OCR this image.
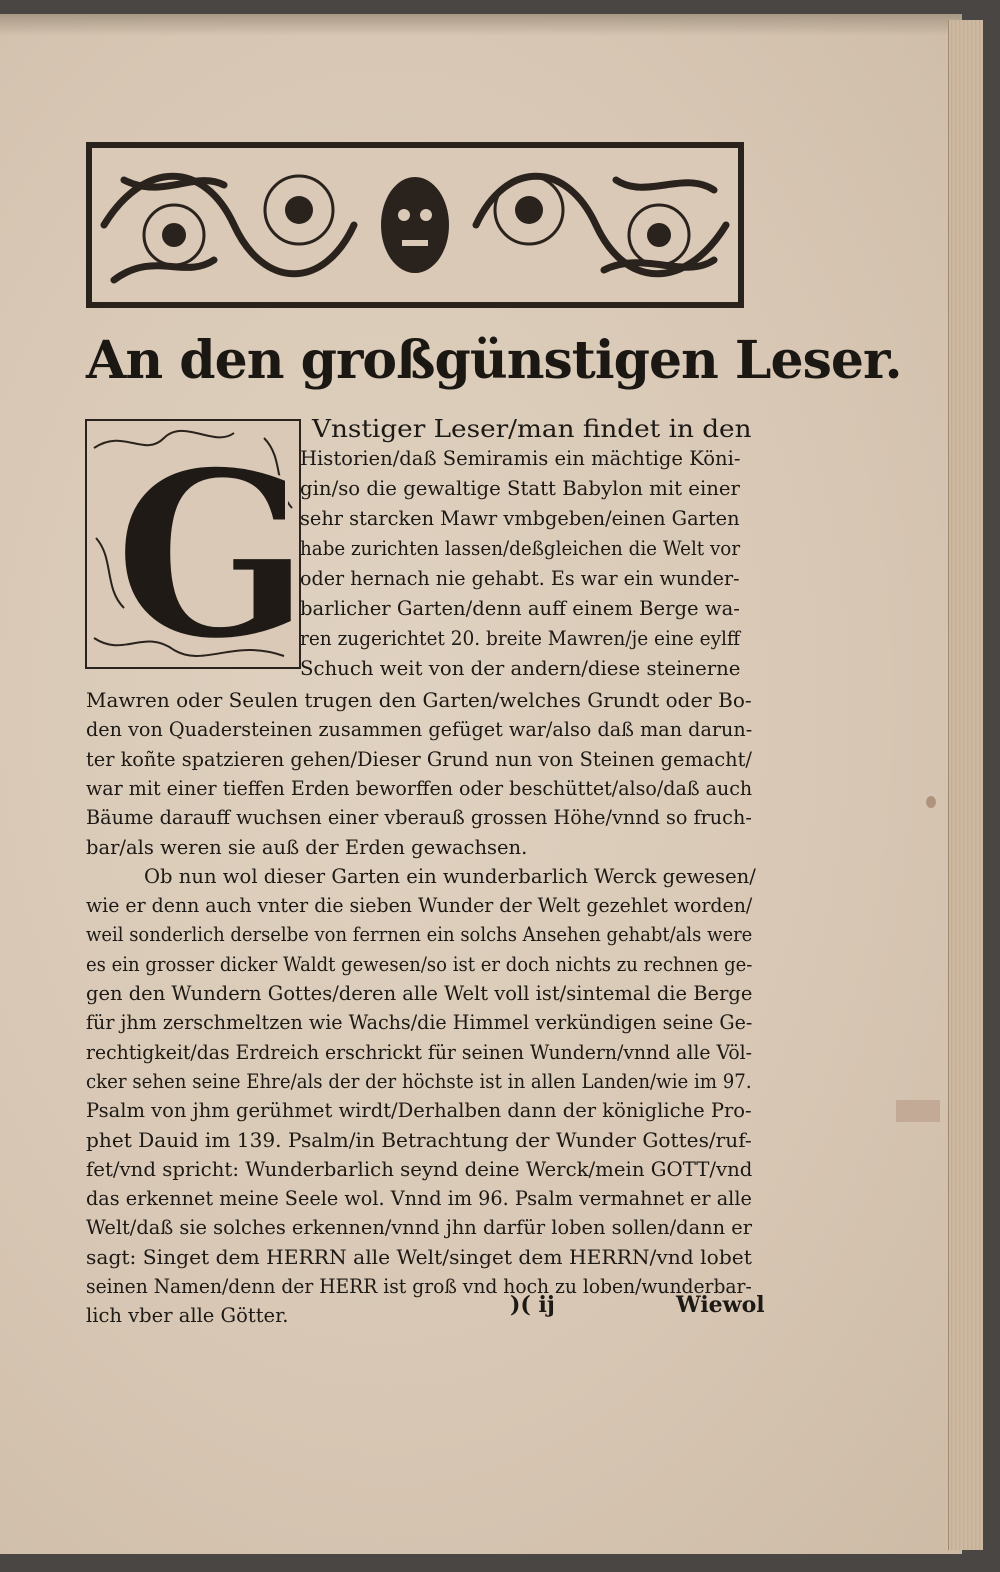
An den großgünstigen Leser.
G Vnstiger Leser/man findet in den
Historien/daß Semiramis ein mächtige Köni-
gin/so die gewaltige Statt Babylon mit einer
sehr starcken Mawr vmbgeben/einen Garten
habe zurichten lassen/deßgleichen die Welt vor
oder hernach nie gehabt. Es war ein wunder-
barlicher Garten/denn auff einem Berge wa-
ren zugerichtet 20. breite Mawren/je eine eylff
Schuch weit von der andern/diese steinerne
Mawren oder Seulen trugen den Garten/welches Grundt oder Bo-
den von Quadersteinen zusammen gefüget war/also daß man darun-
ter koñte spatzieren gehen/Dieser Grund nun von Steinen gemacht/
war mit einer tieffen Erden beworffen oder beschüttet/also/daß auch
Bäume darauff wuchsen einer vberauß grossen Höhe/vnnd so fruch-
bar/als weren sie auß der Erden gewachsen.
Ob nun wol dieser Garten ein wunderbarlich Werck gewesen/
wie er denn auch vnter die sieben Wunder der Welt gezehlet worden/
weil sonderlich derselbe von ferrnen ein solchs Ansehen gehabt/als were
es ein grosser dicker Waldt gewesen/so ist er doch nichts zu rechnen ge-
gen den Wundern Gottes/deren alle Welt voll ist/sintemal die Berge
für jhm zerschmeltzen wie Wachs/die Himmel verkündigen seine Ge-
rechtigkeit/das Erdreich erschrickt für seinen Wundern/vnnd alle Völ-
cker sehen seine Ehre/als der der höchste ist in allen Landen/wie im 97.
Psalm von jhm gerühmet wirdt/Derhalben dann der königliche Pro-
phet Dauid im 139. Psalm/in Betrachtung der Wunder Gottes/ruf-
fet/vnd spricht: Wunderbarlich seynd deine Werck/mein GOTT/vnd
das erkennet meine Seele wol. Vnnd im 96. Psalm vermahnet er alle
Welt/daß sie solches erkennen/vnnd jhn darfür loben sollen/dann er
sagt: Singet dem HERRN alle Welt/singet dem HERRN/vnd lobet
seinen Namen/denn der HERR ist groß vnd hoch zu loben/wunderbar-
lich vber alle Götter.	)( ij	Wiewol
